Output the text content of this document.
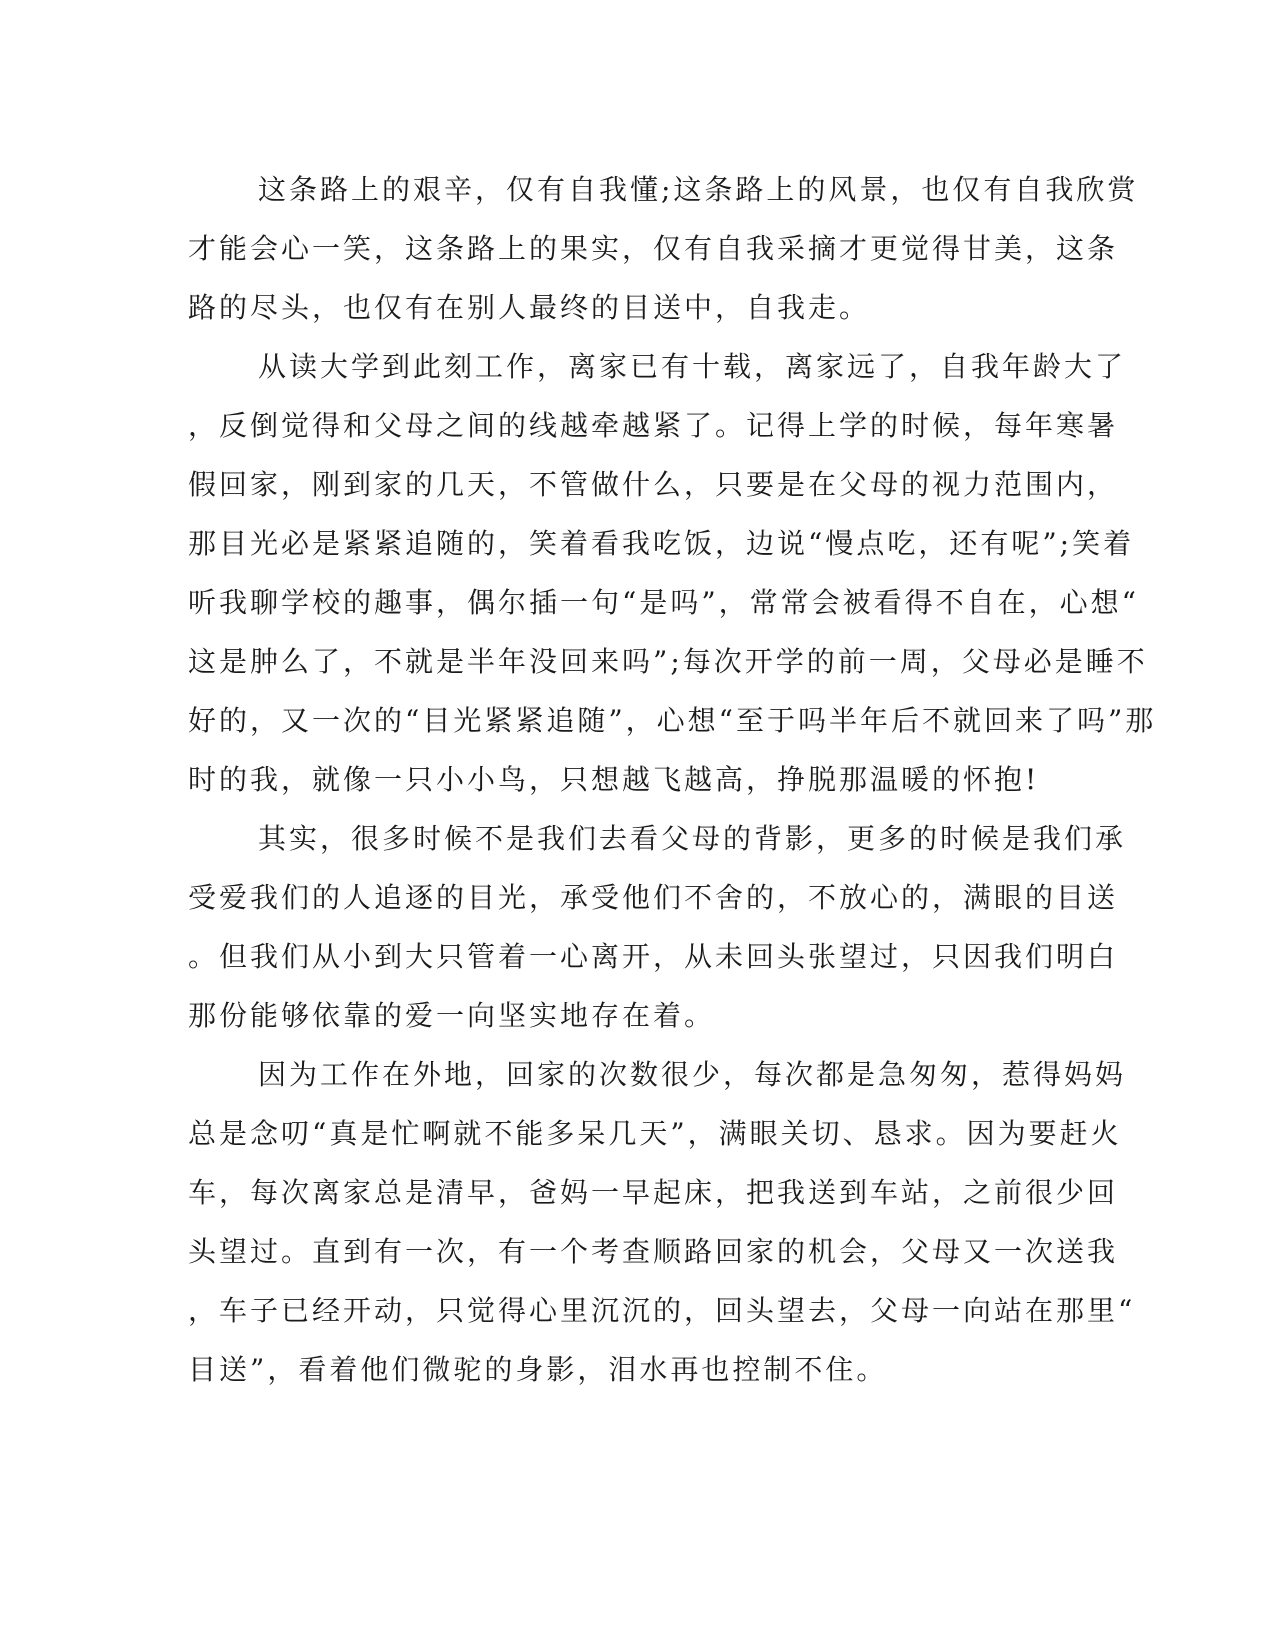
这条路上的艰辛，仅有自我懂;这条路上的风景，也仅有自我欣赏
才能会心一笑，这条路上的果实，仅有自我采摘才更觉得甘美，这条
路的尽头，也仅有在别人最终的目送中，自我走。
从读大学到此刻工作，离家已有十载，离家远了，自我年龄大了
，反倒觉得和父母之间的线越牵越紧了。记得上学的时候，每年寒暑
假回家，刚到家的几天，不管做什么，只要是在父母的视力范围内，
那目光必是紧紧追随的，笑着看我吃饭，边说“慢点吃，还有呢”;笑着
听我聊学校的趣事，偶尔插一句“是吗”，常常会被看得不自在，心想“
这是肿么了，不就是半年没回来吗”;每次开学的前一周，父母必是睡不
好的，又一次的“目光紧紧追随”，心想“至于吗半年后不就回来了吗”那
时的我，就像一只小小鸟，只想越飞越高，挣脱那温暖的怀抱!
其实，很多时候不是我们去看父母的背影，更多的时候是我们承
受爱我们的人追逐的目光，承受他们不舍的，不放心的，满眼的目送
。但我们从小到大只管着一心离开，从未回头张望过，只因我们明白
那份能够依靠的爱一向坚实地存在着。
因为工作在外地，回家的次数很少，每次都是急匆匆，惹得妈妈
总是念叨“真是忙啊就不能多呆几天”，满眼关切、恳求。因为要赶火
车，每次离家总是清早，爸妈一早起床，把我送到车站，之前很少回
头望过。直到有一次，有一个考查顺路回家的机会，父母又一次送我
，车子已经开动，只觉得心里沉沉的，回头望去，父母一向站在那里“
目送”，看着他们微驼的身影，泪水再也控制不住。
